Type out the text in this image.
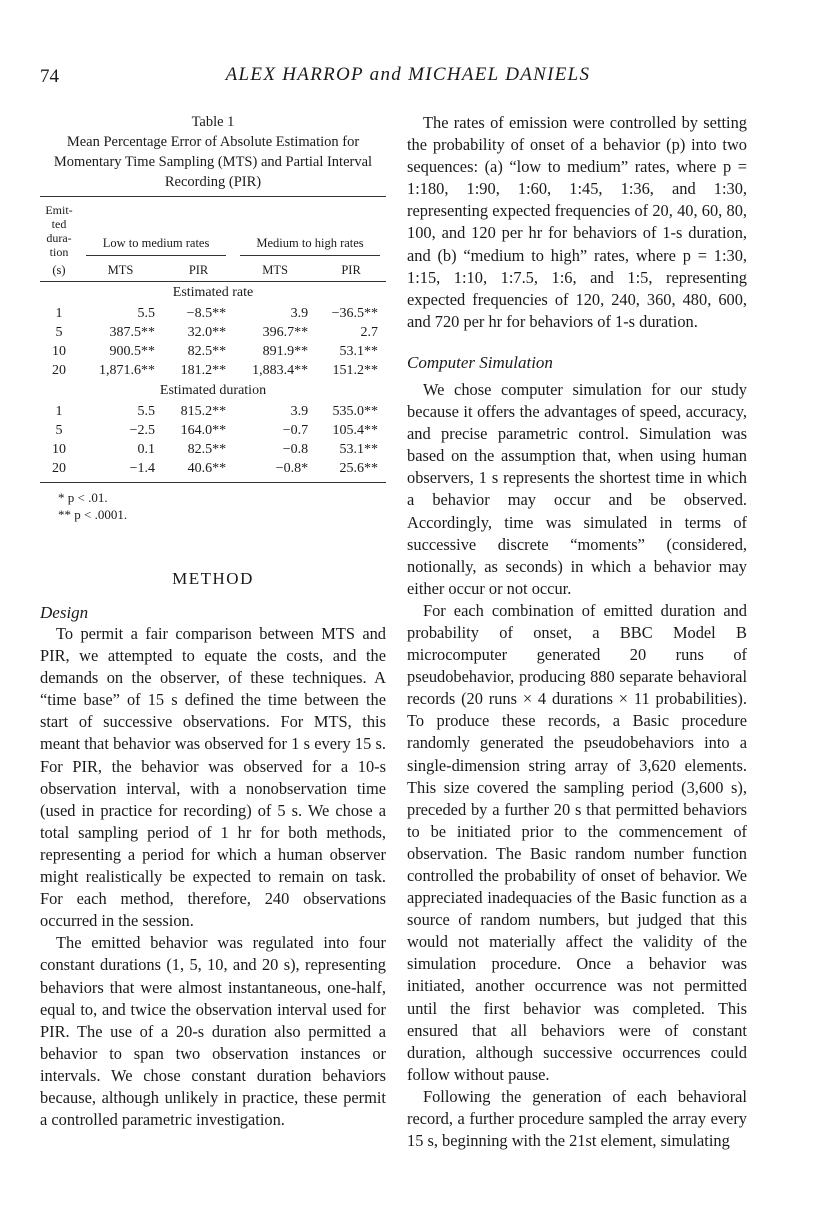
74	ALEX HARROP and MICHAEL DANIELS
Table 1
Mean Percentage Error of Absolute Estimation for Momentary Time Sampling (MTS) and Partial Interval Recording (PIR)
Emit-
ted
dura-
tion	Low to medium rates		Medium to high rates	

(s)	MTS	PIR	MTS	PIR
Estimated rate				
1	5.5	−8.5**	3.9	−36.5**
5	387.5**	32.0**	396.7**	2.7
10	900.5**	82.5**	891.9**	53.1**
20	1,871.6**	181.2**	1,883.4**	151.2**
Estimated duration				
1	5.5	815.2**	3.9	535.0**
5	−2.5	164.0**	−0.7	105.4**
10	0.1	82.5**	−0.8	53.1**
20	−1.4	40.6**	−0.8*	25.6**
* p < .01.
** p < .0001.
METHOD
Design

To permit a fair comparison between MTS and PIR, we attempted to equate the costs, and the demands on the observer, of these techniques. A “time base” of 15 s defined the time between the start of successive observations. For MTS, this meant that behavior was observed for 1 s every 15 s. For PIR, the behavior was observed for a 10-s observation interval, with a nonobservation time (used in practice for recording) of 5 s. We chose a total sampling period of 1 hr for both methods, representing a period for which a human observer might realistically be expected to remain on task. For each method, therefore, 240 observations occurred in the session.

The emitted behavior was regulated into four constant durations (1, 5, 10, and 20 s), representing behaviors that were almost instantaneous, one-half, equal to, and twice the observation interval used for PIR. The use of a 20-s duration also permitted a behavior to span two observation instances or intervals. We chose constant duration behaviors because, although unlikely in practice, these permit a controlled parametric investigation.

The rates of emission were controlled by setting the probability of onset of a behavior (p) into two sequences: (a) “low to medium” rates, where p = 1:180, 1:90, 1:60, 1:45, 1:36, and 1:30, representing expected frequencies of 20, 40, 60, 80, 100, and 120 per hr for behaviors of 1-s duration, and (b) “medium to high” rates, where p = 1:30, 1:15, 1:10, 1:7.5, 1:6, and 1:5, representing expected frequencies of 120, 240, 360, 480, 600, and 720 per hr for behaviors of 1-s duration.

Computer Simulation

We chose computer simulation for our study because it offers the advantages of speed, accuracy, and precise parametric control. Simulation was based on the assumption that, when using human observers, 1 s represents the shortest time in which a behavior may occur and be observed. Accordingly, time was simulated in terms of successive discrete “moments” (considered, notionally, as seconds) in which a behavior may either occur or not occur.

For each combination of emitted duration and probability of onset, a BBC Model B microcomputer generated 20 runs of pseudobehavior, producing 880 separate behavioral records (20 runs × 4 durations × 11 probabilities). To produce these records, a Basic procedure randomly generated the pseudobehaviors into a single-dimension string array of 3,620 elements. This size covered the sampling period (3,600 s), preceded by a further 20 s that permitted behaviors to be initiated prior to the commencement of observation. The Basic random number function controlled the probability of onset of behavior. We appreciated inadequacies of the Basic function as a source of random numbers, but judged that this would not materially affect the validity of the simulation procedure. Once a behavior was initiated, another occurrence was not permitted until the first behavior was completed. This ensured that all behaviors were of constant duration, although successive occurrences could follow without pause.

Following the generation of each behavioral record, a further procedure sampled the array every 15 s, beginning with the 21st element, simulating
